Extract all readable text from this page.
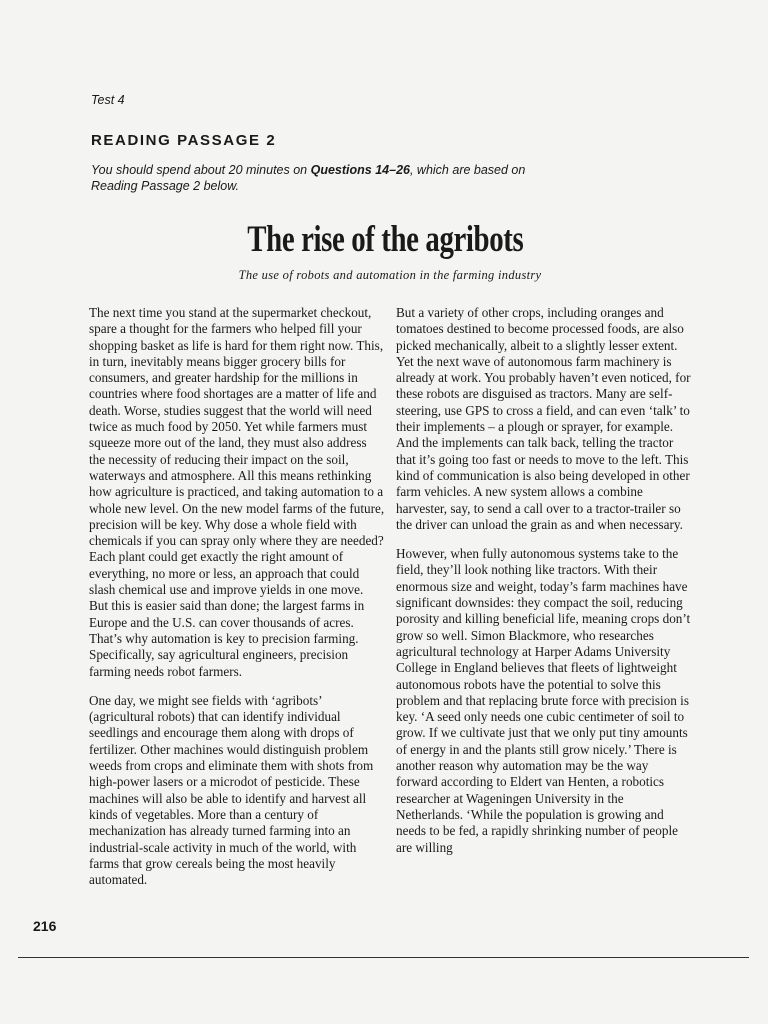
Test 4
READING PASSAGE 2
You should spend about 20 minutes on Questions 14–26, which are based on Reading Passage 2 below.
The rise of the agribots
The use of robots and automation in the farming industry

The next time you stand at the supermarket checkout, spare a thought for the farmers who helped fill your shopping basket as life is hard for them right now. This, in turn, inevitably means bigger grocery bills for consumers, and greater hardship for the millions in countries where food shortages are a matter of life and death. Worse, studies suggest that the world will need twice as much food by 2050. Yet while farmers must squeeze more out of the land, they must also address the necessity of reducing their impact on the soil, waterways and atmosphere. All this means rethinking how agriculture is practiced, and taking automation to a whole new level. On the new model farms of the future, precision will be key. Why dose a whole field with chemicals if you can spray only where they are needed? Each plant could get exactly the right amount of everything, no more or less, an approach that could slash chemical use and improve yields in one move. But this is easier said than done; the largest farms in Europe and the U.S. can cover thousands of acres. That’s why automation is key to precision farming. Specifically, say agricultural engineers, precision farming needs robot farmers.

One day, we might see fields with ‘agribots’ (agricultural robots) that can identify individual seedlings and encourage them along with drops of fertilizer. Other machines would distinguish problem weeds from crops and eliminate them with shots from high-power lasers or a microdot of pesticide. These machines will also be able to identify and harvest all kinds of vegetables. More than a century of mechanization has already turned farming into an industrial-scale activity in much of the world, with farms that grow cereals being the most heavily automated.

But a variety of other crops, including oranges and tomatoes destined to become processed foods, are also picked mechanically, albeit to a slightly lesser extent. Yet the next wave of autonomous farm machinery is already at work. You probably haven’t even noticed, for these robots are disguised as tractors. Many are self-steering, use GPS to cross a field, and can even ‘talk’ to their implements – a plough or sprayer, for example. And the implements can talk back, telling the tractor that it’s going too fast or needs to move to the left. This kind of communication is also being developed in other farm vehicles. A new system allows a combine harvester, say, to send a call over to a tractor-trailer so the driver can unload the grain as and when necessary.

However, when fully autonomous systems take to the field, they’ll look nothing like tractors. With their enormous size and weight, today’s farm machines have significant downsides: they compact the soil, reducing porosity and killing beneficial life, meaning crops don’t grow so well. Simon Blackmore, who researches agricultural technology at Harper Adams University College in England believes that fleets of lightweight autonomous robots have the potential to solve this problem and that replacing brute force with precision is key. ‘A seed only needs one cubic centimeter of soil to grow. If we cultivate just that we only put tiny amounts of energy in and the plants still grow nicely.’ There is another reason why automation may be the way forward according to Eldert van Henten, a robotics researcher at Wageningen University in the Netherlands. ‘While the population is growing and needs to be fed, a rapidly shrinking number of people are willing

216
